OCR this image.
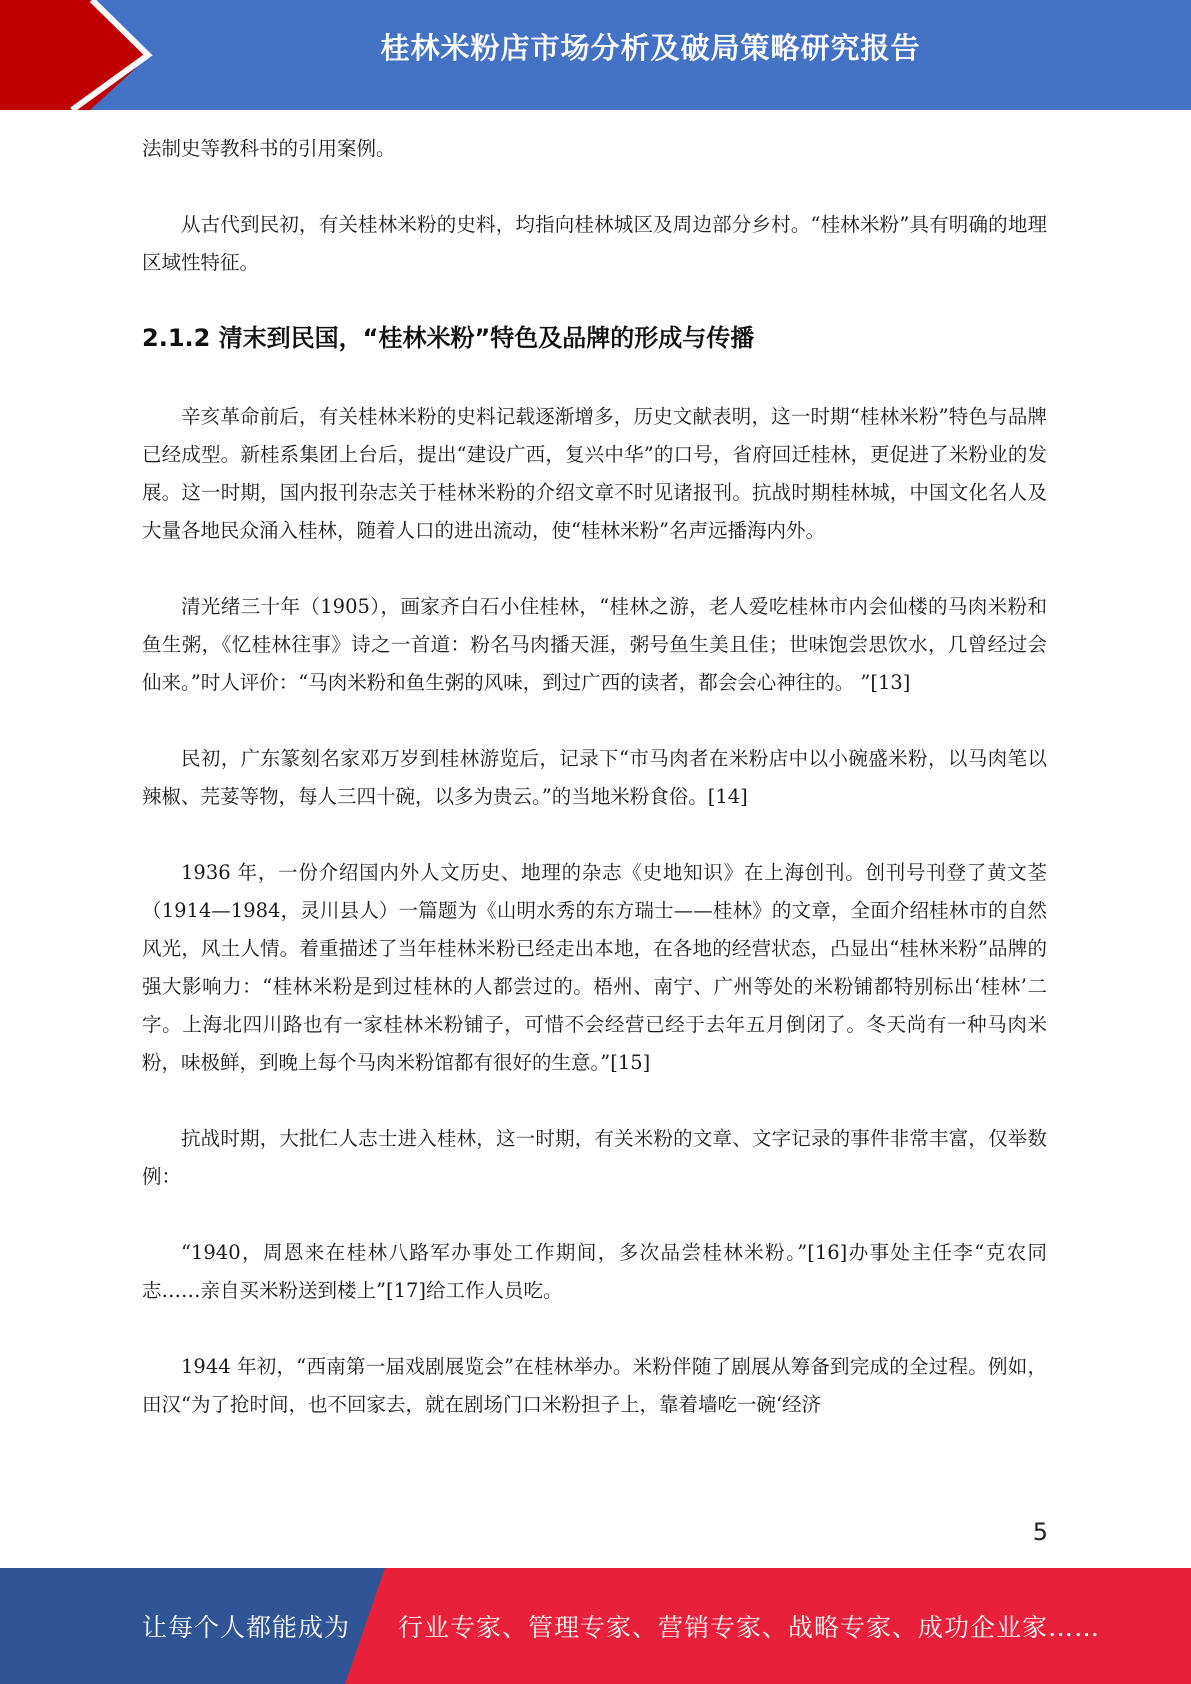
桂林米粉店市场分析及破局策略研究报告

法制史等教科书的引用案例。

从古代到民初，有关桂林米粉的史料，均指向桂林城区及周边部分乡村。“桂林米粉”具有明确的地理区域性特征。

2.1.2 清末到民国，“桂林米粉”特色及品牌的形成与传播

辛亥革命前后，有关桂林米粉的史料记载逐渐增多，历史文献表明，这一时期“桂林米粉”特色与品牌已经成型。新桂系集团上台后，提出“建设广西，复兴中华”的口号，省府回迁桂林，更促进了米粉业的发展。这一时期，国内报刊杂志关于桂林米粉的介绍文章不时见诸报刊。抗战时期桂林城，中国文化名人及大量各地民众涌入桂林，随着人口的进出流动，使“桂林米粉”名声远播海内外。

清光绪三十年（1905），画家齐白石小住桂林，“桂林之游，老人爱吃桂林市内会仙楼的马肉米粉和鱼生粥，《忆桂林往事》诗之一首道：粉名马肉播天涯，粥号鱼生美且佳；世味饱尝思饮水，几曾经过会仙来。”时人评价：“马肉米粉和鱼生粥的风味，到过广西的读者，都会会心神往的。 ”[13]

民初，广东篆刻名家邓万岁到桂林游览后，记录下“市马肉者在米粉店中以小碗盛米粉，以马肉笔以辣椒、芫荽等物，每人三四十碗，以多为贵云。”的当地米粉食俗。[14]

1936 年，一份介绍国内外人文历史、地理的杂志《史地知识》在上海创刊。创刊号刊登了黄文荃（1914—1984，灵川县人）一篇题为《山明水秀的东方瑞士——桂林》的文章，全面介绍桂林市的自然风光，风土人情。着重描述了当年桂林米粉已经走出本地，在各地的经营状态，凸显出“桂林米粉”品牌的强大影响力：“桂林米粉是到过桂林的人都尝过的。梧州、南宁、广州等处的米粉铺都特别标出‘桂林’二字。上海北四川路也有一家桂林米粉铺子，可惜不会经营已经于去年五月倒闭了。冬天尚有一种马肉米粉，味极鲜，到晚上每个马肉米粉馆都有很好的生意。”[15]

抗战时期，大批仁人志士进入桂林，这一时期，有关米粉的文章、文字记录的事件非常丰富，仅举数例：

“1940，周恩来在桂林八路军办事处工作期间，多次品尝桂林米粉。”[16]办事处主任李“克农同志……亲自买米粉送到楼上”[17]给工作人员吃。

1944 年初，“西南第一届戏剧展览会”在桂林举办。米粉伴随了剧展从筹备到完成的全过程。例如，田汉“为了抢时间，也不回家去，就在剧场门口米粉担子上，靠着墙吃一碗‘经济

5
让每个人都能成为 行业专家、管理专家、营销专家、战略专家、成功企业家……
